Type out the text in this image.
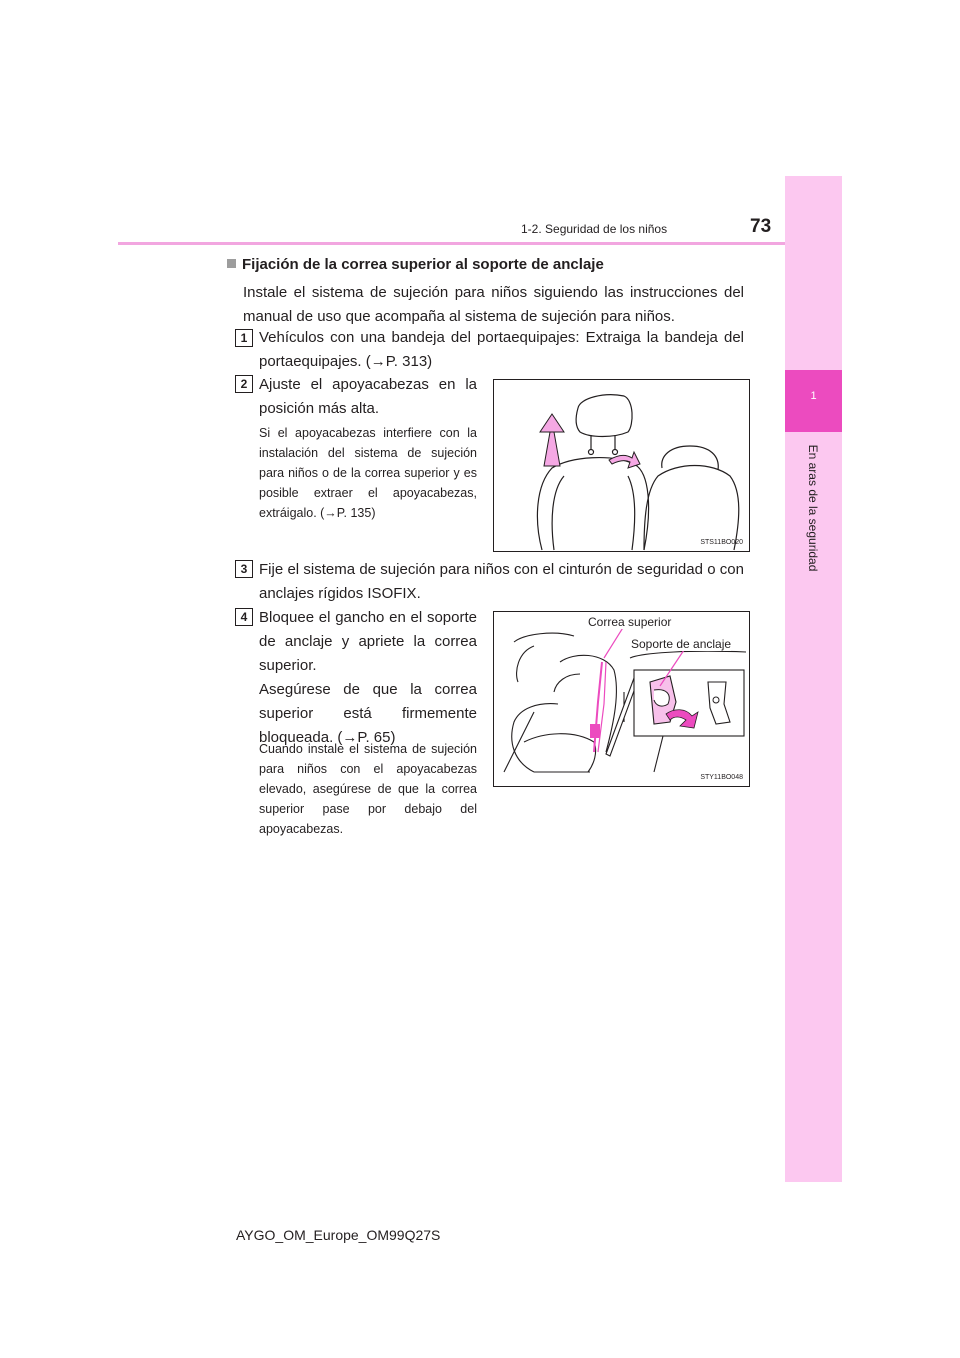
1
En aras de la seguridad
1-2. Seguridad de los niños	73
Fijación de la correa superior al soporte de anclaje
Instale el sistema de sujeción para niños siguiendo las instrucciones del manual de uso que acompaña al sistema de sujeción para niños.
1 Vehículos con una bandeja del portaequipajes: Extraiga la bandeja del portaequipajes. (→P. 313)
2 Ajuste el apoyacabezas en la posición más alta.
Si el apoyacabezas interfiere con la instalación del sistema de sujeción para niños o de la correa superior y es posible extraer el apoyacabezas, extráigalo. (→P. 135)
STS11BO020
3 Fije el sistema de sujeción para niños con el cinturón de seguridad o con anclajes rígidos ISOFIX.
4 Bloquee el gancho en el soporte de anclaje y apriete la correa superior.
Asegúrese de que la correa superior está firmemente bloqueada. (→P. 65)
Cuando instale el sistema de sujeción para niños con el apoyacabezas elevado, asegúrese de que la correa superior pase por debajo del apoyacabezas.
Correa superior
Soporte de anclaje
STY11BO048
AYGO_OM_Europe_OM99Q27S
